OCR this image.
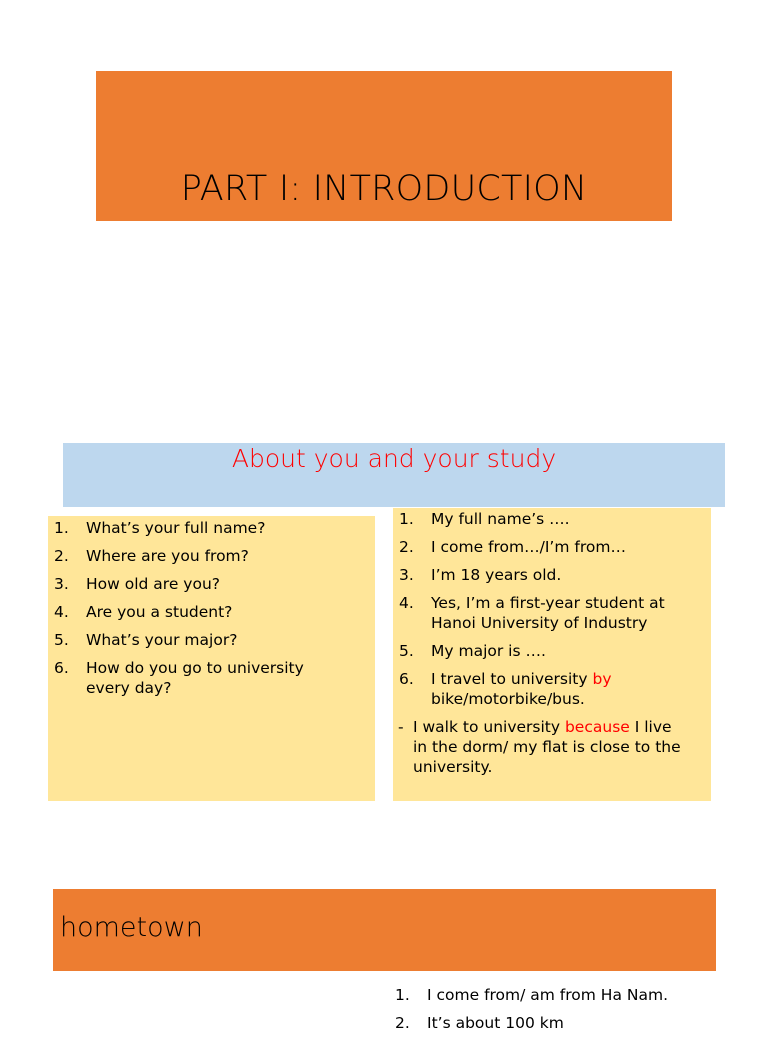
PART I: INTRODUCTION
About you and your study
1. What’s your full name?
2. Where are you from?
3. How old are you?
4. Are you a student?
5. What’s your major?
6. How do you go to university
every day?
1. My full name’s ….
2. I come from…/I’m from…
3. I’m 18 years old.
4. Yes, I’m a first-year student at
Hanoi University of Industry
5. My major is ….
6. I travel to university by
bike/motorbike/bus.
- I walk to university because I live
in the dorm/ my flat is close to the
university.
hometown
1. I come from/ am from Ha Nam.
2. It’s about 100 km
